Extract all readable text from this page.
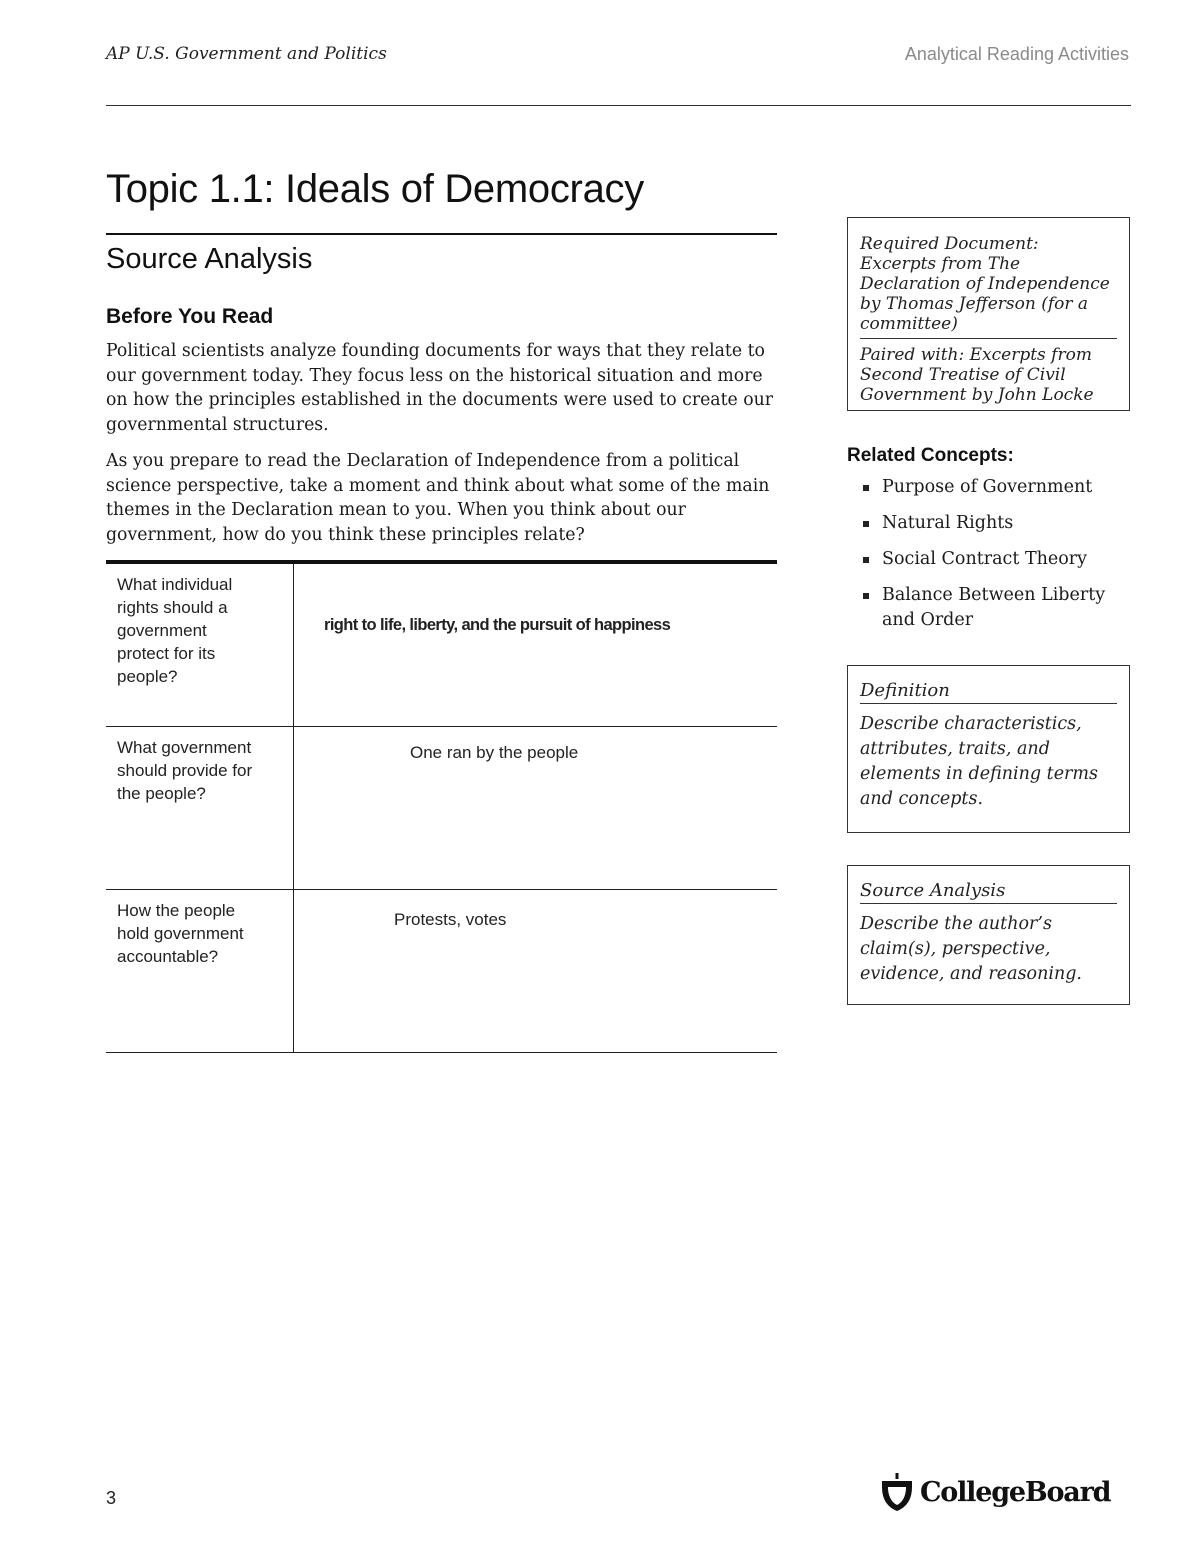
AP U.S. Government and Politics	Analytical Reading Activities
Topic 1.1: Ideals of Democracy
Source Analysis
Before You Read

Political scientists analyze founding documents for ways that they relate to our government today. They focus less on the historical situation and more on how the principles established in the documents were used to create our governmental structures.

As you prepare to read the Declaration of Independence from a political science perspective, take a moment and think about what some of the main themes in the Declaration mean to you. When you think about our government, how do you think these principles relate?

What individual rights should a government protect for its people?
right to life, liberty, and the pursuit of happiness
What government should provide for the people?
One ran by the people
How the people hold government accountable?
Protests, votes

Required Document: Excerpts from The Declaration of Independence by Thomas Jefferson (for a committee)

Paired with: Excerpts from Second Treatise of Civil Government by John Locke

Related Concepts:
Purpose of Government
Natural Rights
Social Contract Theory
Balance Between Liberty and Order
Definition

Describe characteristics, attributes, traits, and elements in defining terms and concepts.

Source Analysis

Describe the author’s claim(s), perspective, evidence, and reasoning.

3	CollegeBoard
